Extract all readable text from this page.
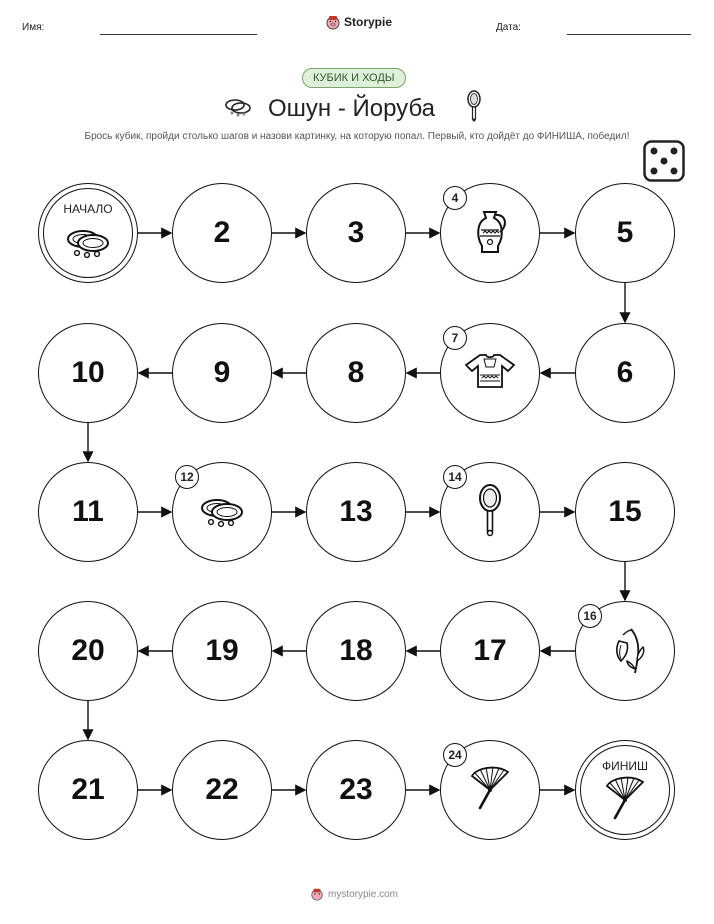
Имя:	Storypie	Дата:
КУБИК И ХОДЫ
Ошун - Йоруба
Брось кубик, пройди столько шагов и назови картинку, на которую попал. Первый, кто дойдёт до ФИНИША, победил!
НАЧАЛО
2	3
4
5
6
7
8
9
10
11
12
13
14
15
16
17
18
19
20
21	22	23
24
ФИНИШ
mystorypie.com
